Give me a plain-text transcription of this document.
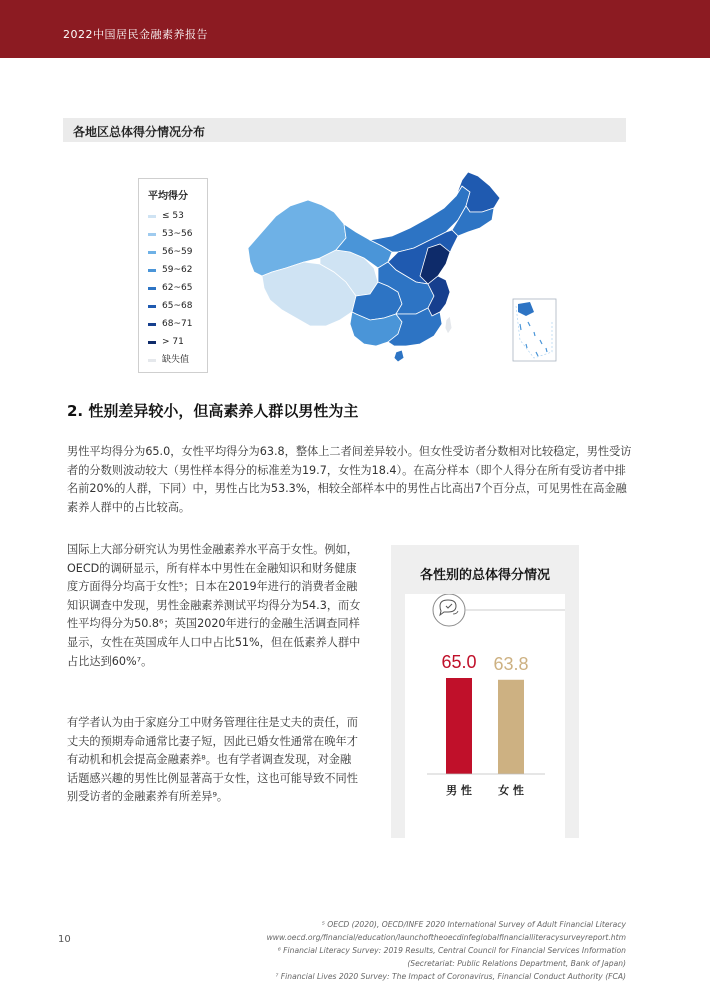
2022中国居民金融素养报告
各地区总体得分情况分布
平均得分
≤ 53
53~56
56~59
59~62
62~65
65~68
68~71
> 71
缺失值
2. 性别差异较小，但高素养人群以男性为主

男性平均得分为65.0，女性平均得分为63.8，整体上二者间差异较小。但女性受访者分数相对比较稳定，男性受访者的分数则波动较大（男性样本得分的标准差为19.7，女性为18.4）。在高分样本（即个人得分在所有受访者中排名前20%的人群，下同）中，男性占比为53.3%，相较全部样本中的男性占比高出7个百分点，可见男性在高金融素养人群中的占比较高。

国际上大部分研究认为男性金融素养水平高于女性。例如，OECD的调研显示，所有样本中男性在金融知识和财务健康度方面得分均高于女性⁵；日本在2019年进行的消费者金融知识调查中发现，男性金融素养测试平均得分为54.3，而女性平均得分为50.8⁶；英国2020年进行的金融生活调查同样显示，女性在英国成年人口中占比51%，但在低素养人群中占比达到60%⁷。

有学者认为由于家庭分工中财务管理往往是丈夫的责任，而丈夫的预期寿命通常比妻子短，因此已婚女性通常在晚年才有动机和机会提高金融素养⁸。也有学者调查发现，对金融话题感兴趣的男性比例显著高于女性，这也可能导致不同性别受访者的金融素养有所差异⁹。

各性别的总体得分情况
65.0
男 性
63.8
女 性
10
⁵ OECD (2020), OECD/INFE 2020 International Survey of Adult Financial Literacy
www.oecd.org/financial/education/launchoftheoecdinfeglobalfinancialliteracysurveyreport.htm
⁶ Financial Literacy Survey: 2019 Results, Central Council for Financial Services Information
(Secretariat: Public Relations Department, Bank of Japan)
⁷ Financial Lives 2020 Survey: The Impact of Coronavirus, Financial Conduct Authority (FCA)
